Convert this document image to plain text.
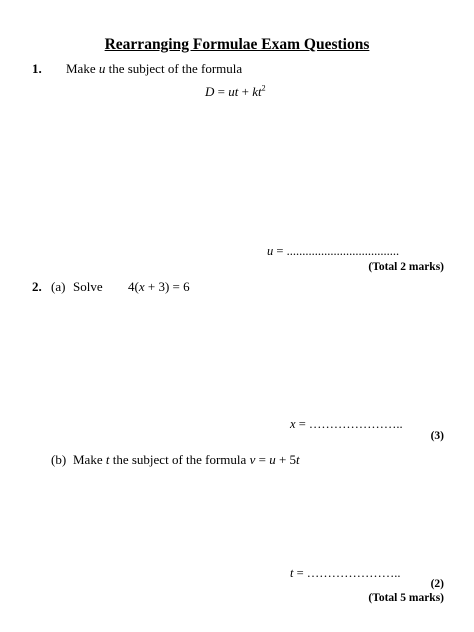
Rearranging Formulae Exam Questions
1. Make u the subject of the formula
D = ut + $kt^2$
u = ....................................
(Total 2 marks)
2. (a) Solve 4(x + 3) = 6
x = …………………..
(3)
(b) Make t the subject of the formula v = u + 5t
t = …………………..
(2)
(Total 5 marks)
